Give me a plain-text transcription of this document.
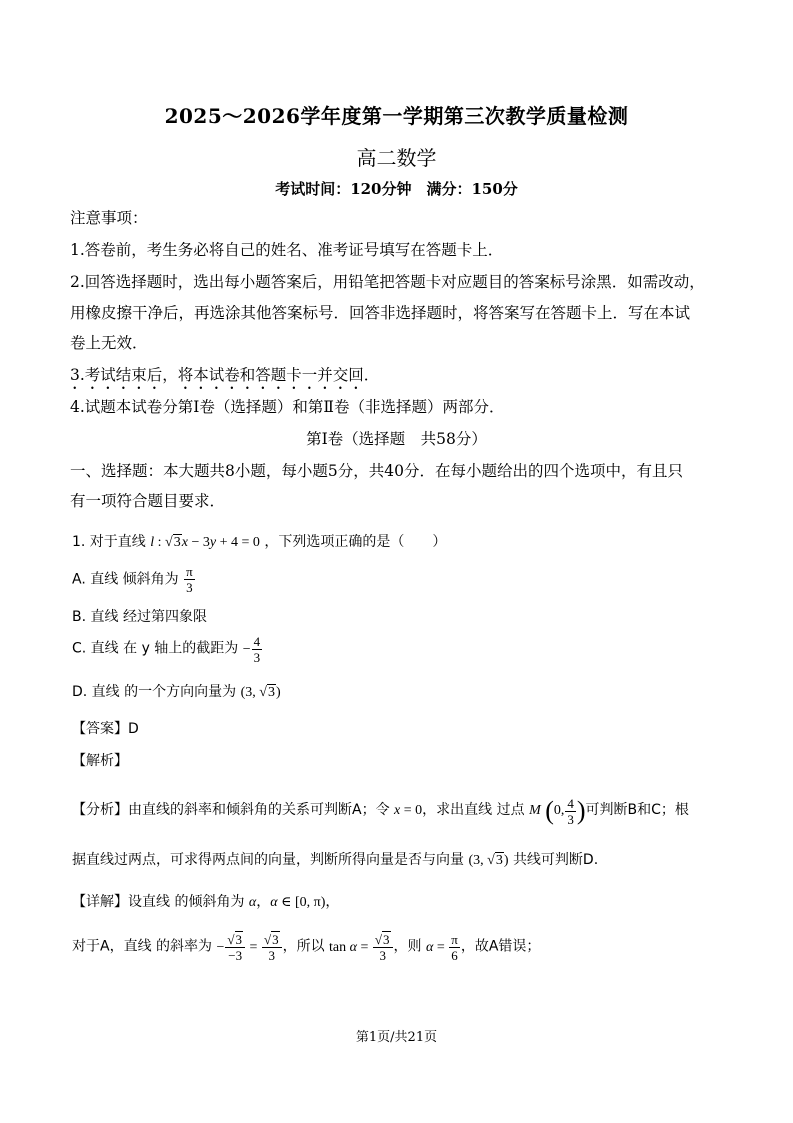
2025～2026学年度第一学期第三次教学质量检测
高二数学
考试时间：120分钟　满分：150分
注意事项：
1.答卷前，考生务必将自己的姓名、准考证号填写在答题卡上．
2.回答选择题时，选出每小题答案后，用铅笔把答题卡对应题目的答案标号涂黑．如需改动，
用橡皮擦干净后，再选涂其他答案标号．回答非选择题时，将答案写在答题卡上．写在本试
卷上无效．
3.考试结束后，将本试卷和答题卡一并交回．
4.试题本试卷分第Ⅰ卷（选择题）和第Ⅱ卷（非选择题）两部分．
第Ⅰ卷（选择题　共58分）
一、选择题：本大题共8小题，每小题5分，共40分．在每小题给出的四个选项中，有且只
有一项符合题目要求．
1. 对于直线 l : √3x − 3y + 4 = 0 ，下列选项正确的是（　　）
A. 直线 倾斜角为 $\frac{\pi}{3}$
B. 直线 经过第四象限
C. 直线 在 y 轴上的截距为 − $\frac{4}{3}$
D. 直线 的一个方向向量为 (3, √3)
【答案】D
【解析】
【分析】由直线的斜率和倾斜角的关系可判断A；令 x = 0，求出直线 过点 M (0, $\frac{4}{3}$ )可判断B和C；根
据直线过两点，可求得两点间的向量，判断所得向量是否与向量 (3, √3) 共线可判断D.
【详解】设直线 的倾斜角为 α，α ∈ [0, π)，
对于A，直线 的斜率为 − $\frac{√3}{-3} = \frac{√3}{3}$ ，所以 $\tan \alpha = \frac{√3}{3}$ ，则 $\alpha = \frac{\pi}{6}$ ，故A错误；
第1页/共21页
